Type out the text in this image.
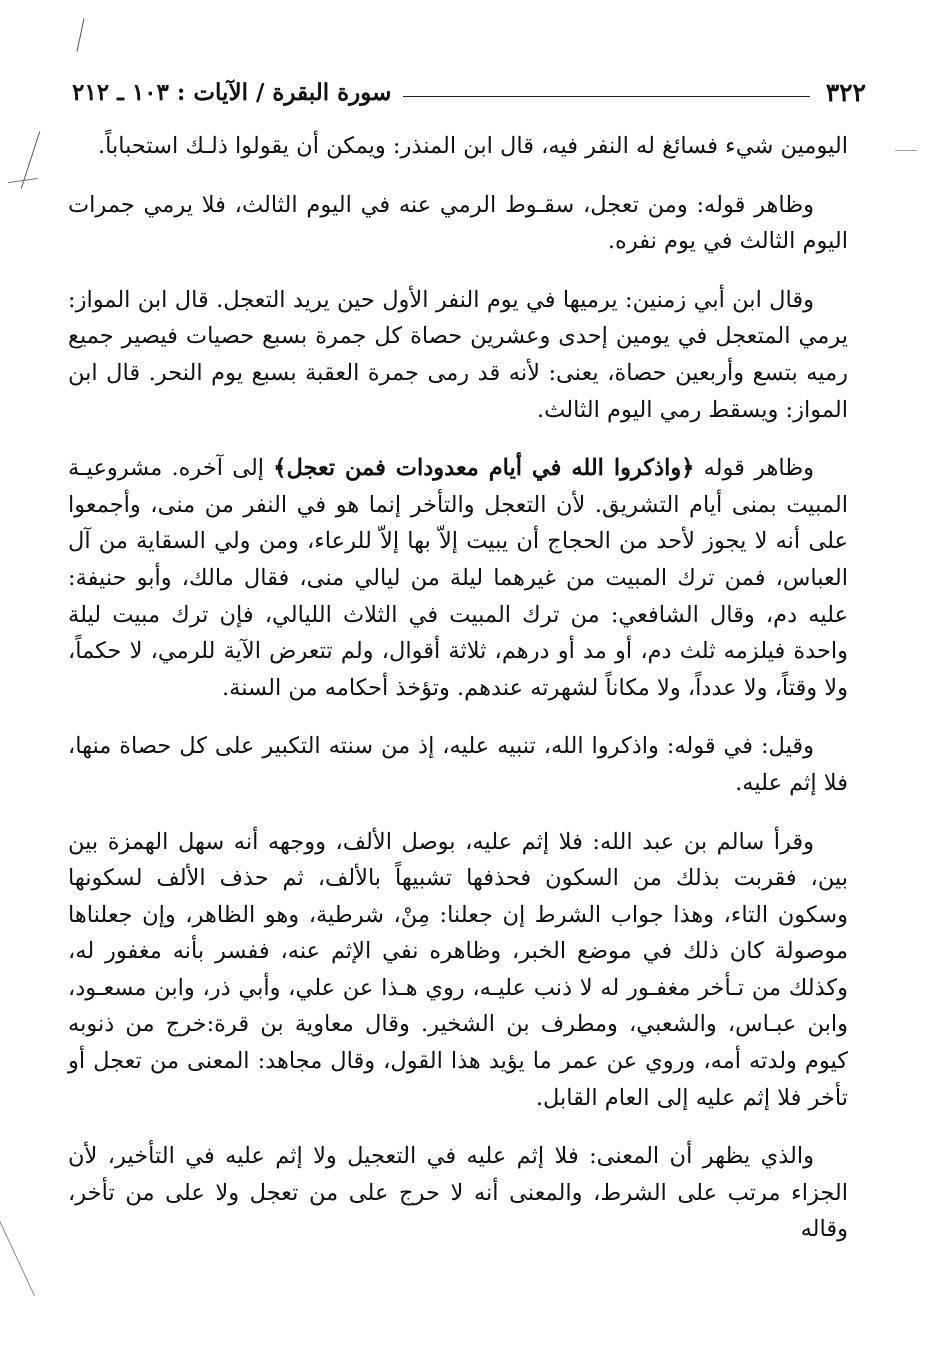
٣٢٢
سورة البقرة / الآيات : ١٠٣ ـ ٢١٢

اليومين شيء فسائغ له النفر فيه، قال ابن المنذر: ويمكن أن يقولوا ذلـك استحباباً.

وظاهر قوله: ومن تعجل، سقـوط الرمي عنه في اليوم الثالث، فلا يرمي جمرات اليوم الثالث في يوم نفره.

وقال ابن أبي زمنين: يرميها في يوم النفر الأول حين يريد التعجل. قال ابن المواز: يرمي المتعجل في يومين إحدى وعشرين حصاة كل جمرة بسبع حصيات فيصير جميع رميه بتسع وأربعين حصاة، يعنى: لأنه قد رمى جمرة العقبة بسبع يوم النحر. قال ابن المواز: ويسقط رمي اليوم الثالث.

وظاهر قوله ﴿واذكروا الله في أيام معدودات فمن تعجل﴾ إلى آخره. مشروعيـة المبيت بمنى أيام التشريق. لأن التعجل والتأخر إنما هو في النفر من منى، وأجمعوا على أنه لا يجوز لأحد من الحجاج أن يبيت إلاّ بها إلاّ للرعاء، ومن ولي السقاية من آل العباس، فمن ترك المبيت من غيرهما ليلة من ليالي منى، فقال مالك، وأبو حنيفة: عليه دم، وقال الشافعي: من ترك المبيت في الثلاث الليالي، فإن ترك مبيت ليلة واحدة فيلزمه ثلث دم، أو مد أو درهم، ثلاثة أقوال، ولم تتعرض الآية للرمي، لا حكماً، ولا وقتاً، ولا عدداً، ولا مكاناً لشهرته عندهم. وتؤخذ أحكامه من السنة.

وقيل: في قوله: واذكروا الله، تنبيه عليه، إذ من سنته التكبير على كل حصاة منها، فلا إثم عليه.

وقرأ سالم بن عبد الله: فلا إثم عليه، بوصل الألف، ووجهه أنه سهل الهمزة بين بين، فقربت بذلك من السكون فحذفها تشبيهاً بالألف، ثم حذف الألف لسكونها وسكون التاء، وهذا جواب الشرط إن جعلنا: مِنْ، شرطية، وهو الظاهر، وإن جعلناها موصولة كان ذلك في موضع الخبر، وظاهره نفي الإثم عنه، ففسر بأنه مغفور له، وكذلك من تـأخر مغفـور له لا ذنب عليـه، روي هـذا عن علي، وأبي ذر، وابن مسعـود، وابن عبـاس، والشعبي، ومطرف بن الشخير. وقال معاوية بن قرة:خرج من ذنوبه كيوم ولدته أمه، وروي عن عمر ما يؤيد هذا القول، وقال مجاهد: المعنى من تعجل أو تأخر فلا إثم عليه إلى العام القابل.

والذي يظهر أن المعنى: فلا إثم عليه في التعجيل ولا إثم عليه في التأخير، لأن الجزاء مرتب على الشرط، والمعنى أنه لا حرج على من تعجل ولا على من تأخر، وقاله
